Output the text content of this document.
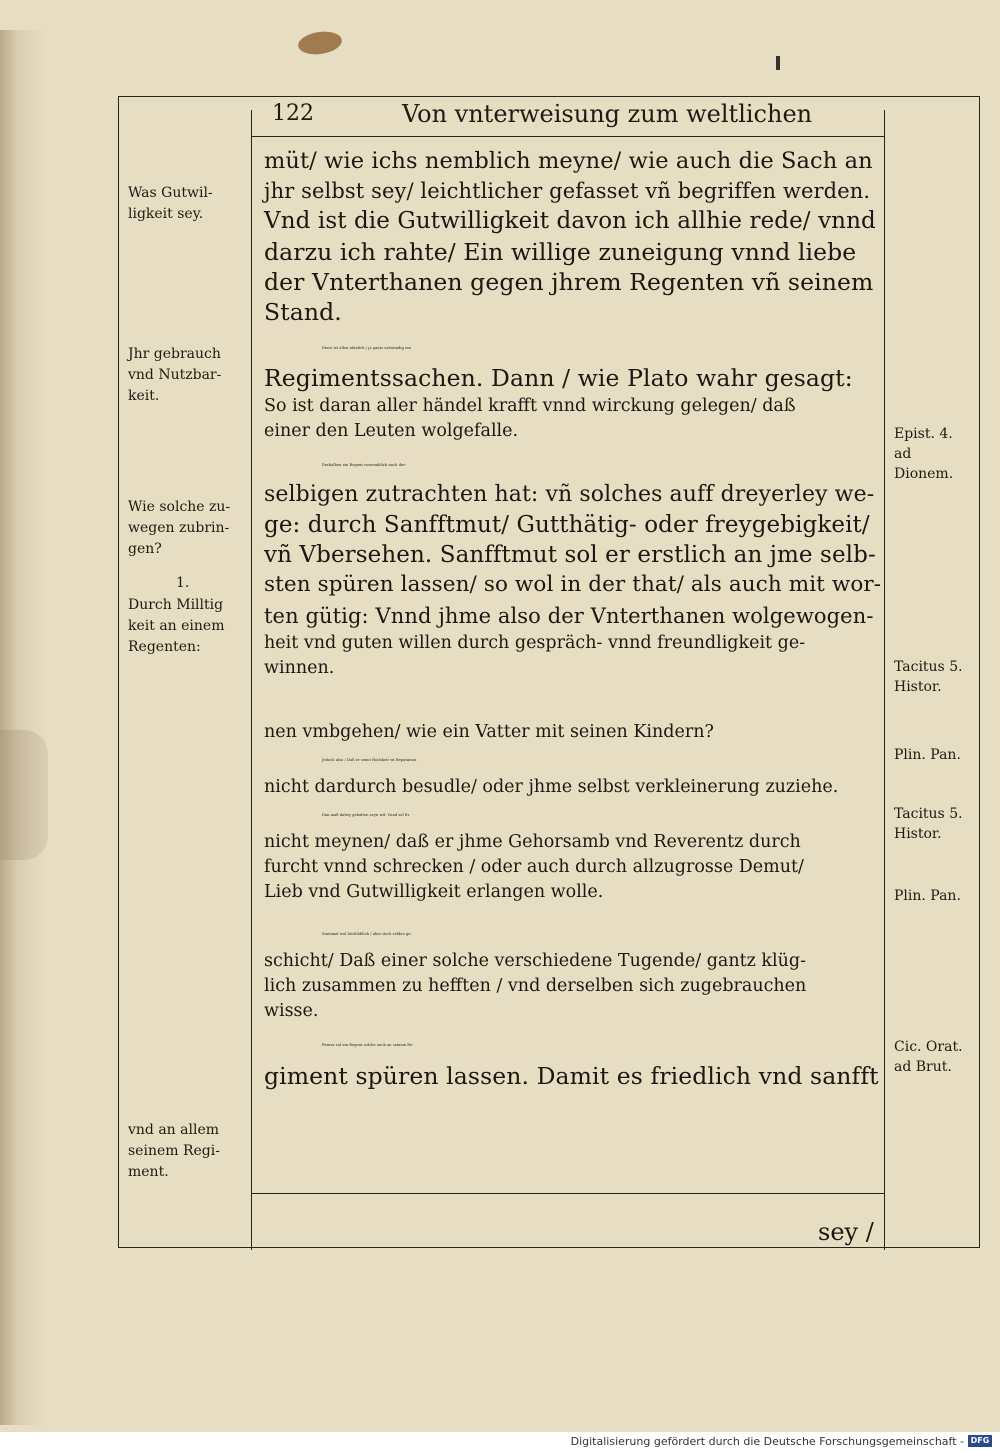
122	Von vnterweisung zum weltlichen
Was Gutwil-ligkeit sey.
Jhr gebrauch vnd Nutzbar-keit.
Wie solche zu-wegen zubrin-gen?
1.
Durch Milltig keit an einem Regenten:
vnd an allem seinem Regi-ment.
Epist. 4. ad Dionem.
Tacitus 5. Histor.
Plin. Pan.
Tacitus 5. Histor.
Plin. Pan.
Cic. Orat. ad Brut.
müt/ wie ichs nemblich meyne/ wie auch die Sach an
jhr selbst sey/ leichtlicher gefasset vñ begriffen werden.
Vnd ist die Gutwilligkeit davon ich allhie rede/ vnnd
darzu ich rahte/ Ein willige zuneigung vnnd liebe
der Vnterthanen gegen jhrem Regenten vñ seinem
Stand.
Diese ist allzu nützlich / ja gantz notwendig inn
Regimentssachen. Dann / wie Plato wahr gesagt:
So ist daran aller händel krafft vnnd wirckung gelegen/ daß
einer den Leuten wolgefalle.
Derhalben ein Regent vornemblich nach der-
selbigen zutrachten hat: vñ solches auff dreyerley we-
ge: durch Sanfftmut/ Gutthätig- oder freygebigkeit/
vñ Vbersehen. Sanfftmut sol er erstlich an jme selb-
sten spüren lassen/ so wol in der that/ als auch mit wor-
ten gütig: Vnnd jhme also der Vnterthanen wolgewogen-
heit vnd guten willen durch gespräch- vnnd freundligkeit ge-
winnen.
nen vmbgehen/ wie ein Vatter mit seinen Kindern?
Jedoch also / Daß er seine Hochheit vñ Reputation
nicht dardurch besudle/ oder jhme selbst verkleinerung zuziehe.
Dan maß dabey gehalten seyn wil: Vnnd sol Er
nicht meynen/ daß er jhme Gehorsamb vnd Reverentz durch
furcht vnnd schrecken / oder auch durch allzugrosse Demut/
Lieb vnd Gutwilligkeit erlangen wolle.
Sintemal wol höchlöblich / aber doch selden ge-
schicht/ Daß einer solche verschiedene Tugende/ gantz klüg-
lich zusammen zu hefften / vnd derselben sich zugebrauchen
wisse.
Ferner sol ein Regent solche auch an seinem Re-
giment spüren lassen. Damit es friedlich vnd sanfft
sey /
Digitalisierung gefördert durch die Deutsche Forschungsgemeinschaft - DFG
